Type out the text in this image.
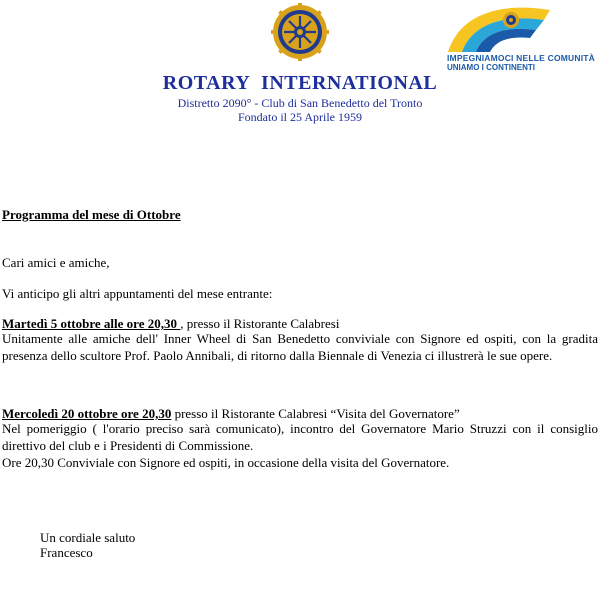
IMPEGNIAMOCI NELLE COMUNITÀ
UNIAMO I CONTINENTI
ROTARY INTERNATIONAL
Distretto 2090° - Club di San Benedetto del Tronto
Fondato il 25 Aprile 1959
Programma del mese di Ottobre
Cari amici e amiche,
Vi anticipo gli altri appuntamenti del mese entrante:
Martedì 5 ottobre alle ore 20,30 , presso il Ristorante Calabresi
Unitamente alle amiche dell' Inner Wheel di San Benedetto conviviale con Signore ed ospiti, con la gradita presenza dello scultore Prof. Paolo Annibali, di ritorno dalla Biennale di Venezia ci illustrerà le sue opere.
Mercoledì 20 ottobre ore 20,30 presso il Ristorante Calabresi “Visita del Governatore”
Nel pomeriggio ( l'orario preciso sarà comunicato), incontro del Governatore Mario Struzzi con il consiglio direttivo del club e i Presidenti di Commissione.
Ore 20,30 Conviviale con Signore ed ospiti, in occasione della visita del Governatore.
Un cordiale saluto
Francesco
